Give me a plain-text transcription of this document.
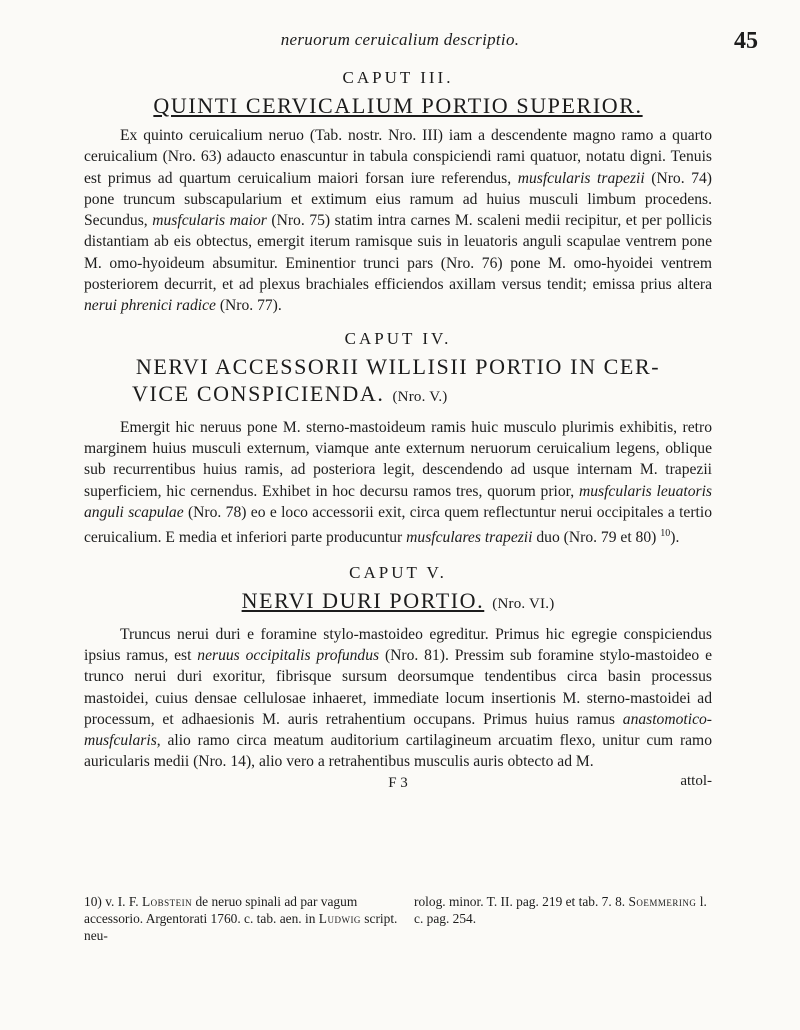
neruorum ceruicalium descriptio.	45
CAPUT III.
QUINTI CERVICALIUM PORTIO SUPERIOR.

Ex quinto ceruicalium neruo (Tab. nostr. Nro. III) iam a descendente magno ramo a quarto ceruicalium (Nro. 63) adaucto enascuntur in tabula conspiciendi rami quatuor, notatu digni. Tenuis est primus ad quartum ceruicalium maiori forsan iure referendus, musfcularis trapezii (Nro. 74) pone truncum subscapularium et extimum eius ramum ad huius musculi limbum procedens. Secundus, musfcularis maior (Nro. 75) statim intra carnes M. scaleni medii recipitur, et per pollicis distantiam ab eis obtectus, emergit iterum ramisque suis in leuatoris anguli scapulae ventrem pone M. omo-hyoideum absumitur. Eminentior trunci pars (Nro. 76) pone M. omo-hyoidei ventrem posteriorem decurrit, et ad plexus brachiales efficiendos axillam versus tendit; emissa prius altera nerui phrenici radice (Nro. 77).

CAPUT IV.
NERVI ACCESSORII WILLISII PORTIO IN CER-
VICE CONSPICIENDA. (Nro. V.)

Emergit hic neruus pone M. sterno-mastoideum ramis huic musculo plurimis exhibitis, retro marginem huius musculi externum, viamque ante externum neruorum ceruicalium legens, oblique sub recurrentibus huius ramis, ad posteriora legit, descendendo ad usque internam M. trapezii superficiem, hic cernendus. Exhibet in hoc decursu ramos tres, quorum prior, musfcularis leuatoris anguli scapulae (Nro. 78) eo e loco accessorii exit, circa quem reflectuntur nerui occipitales a tertio ceruicalium. E media et inferiori parte producuntur musfculares trapezii duo (Nro. 79 et 80) $^{10}$).

CAPUT V.
NERVI DURI PORTIO. (Nro. VI.)

Truncus nerui duri e foramine stylo-mastoideo egreditur. Primus hic egregie conspiciendus ipsius ramus, est neruus occipitalis profundus (Nro. 81). Pressim sub foramine stylo-mastoideo e trunco nerui duri exoritur, fibrisque sursum deorsumque tendentibus circa basin processus mastoidei, cuius densae cellulosae inhaeret, immediate locum insertionis M. sterno-mastoidei ad processum, et adhaesionis M. auris retrahentium occupans. Primus huius ramus anastomotico-musfcularis, alio ramo circa meatum auditorium cartilagineum arcuatim flexo, unitur cum ramo auricularis medii (Nro. 14), alio vero a retrahentibus musculis auris obtecto ad M.

F 3	attol-
10) v. I. F. Lobstein de neruo spinali ad par vagum accessorio. Argentorati 1760. c. tab. aen. in Ludwig script. neu-
rolog. minor. T. II. pag. 219 et tab. 7. 8. Soemmering l. c. pag. 254.
